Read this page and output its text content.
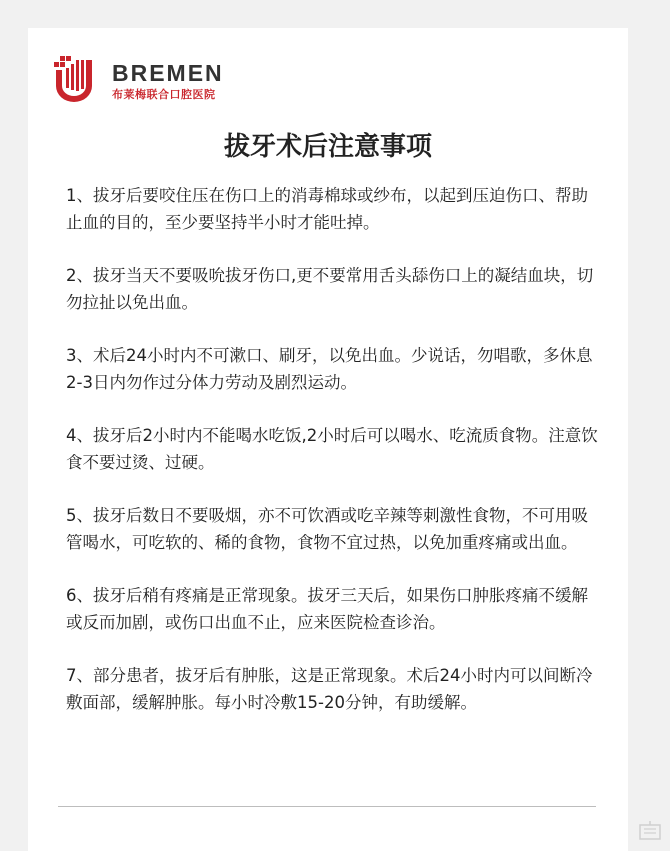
BREMEN
布莱梅联合口腔医院
拔牙术后注意事项
1、拔牙后要咬住压在伤口上的消毒棉球或纱布，以起到压迫伤口、帮助止血的目的，至少要坚持半小时才能吐掉。
2、拔牙当天不要吸吮拔牙伤口,更不要常用舌头舔伤口上的凝结血块，切勿拉扯以免出血。
3、术后24小时内不可漱口、刷牙，以免出血。少说话，勿唱歌，多休息2-3日内勿作过分体力劳动及剧烈运动。
4、拔牙后2小时内不能喝水吃饭,2小时后可以喝水、吃流质食物。注意饮食不要过烫、过硬。
5、拔牙后数日不要吸烟，亦不可饮酒或吃辛辣等刺激性食物，不可用吸管喝水，可吃软的、稀的食物，食物不宜过热，以免加重疼痛或出血。
6、拔牙后稍有疼痛是正常现象。拔牙三天后，如果伤口肿胀疼痛不缓解或反而加剧，或伤口出血不止，应来医院检查诊治。
7、部分患者，拔牙后有肿胀，这是正常现象。术后24小时内可以间断冷敷面部，缓解肿胀。每小时冷敷15-20分钟，有助缓解。
